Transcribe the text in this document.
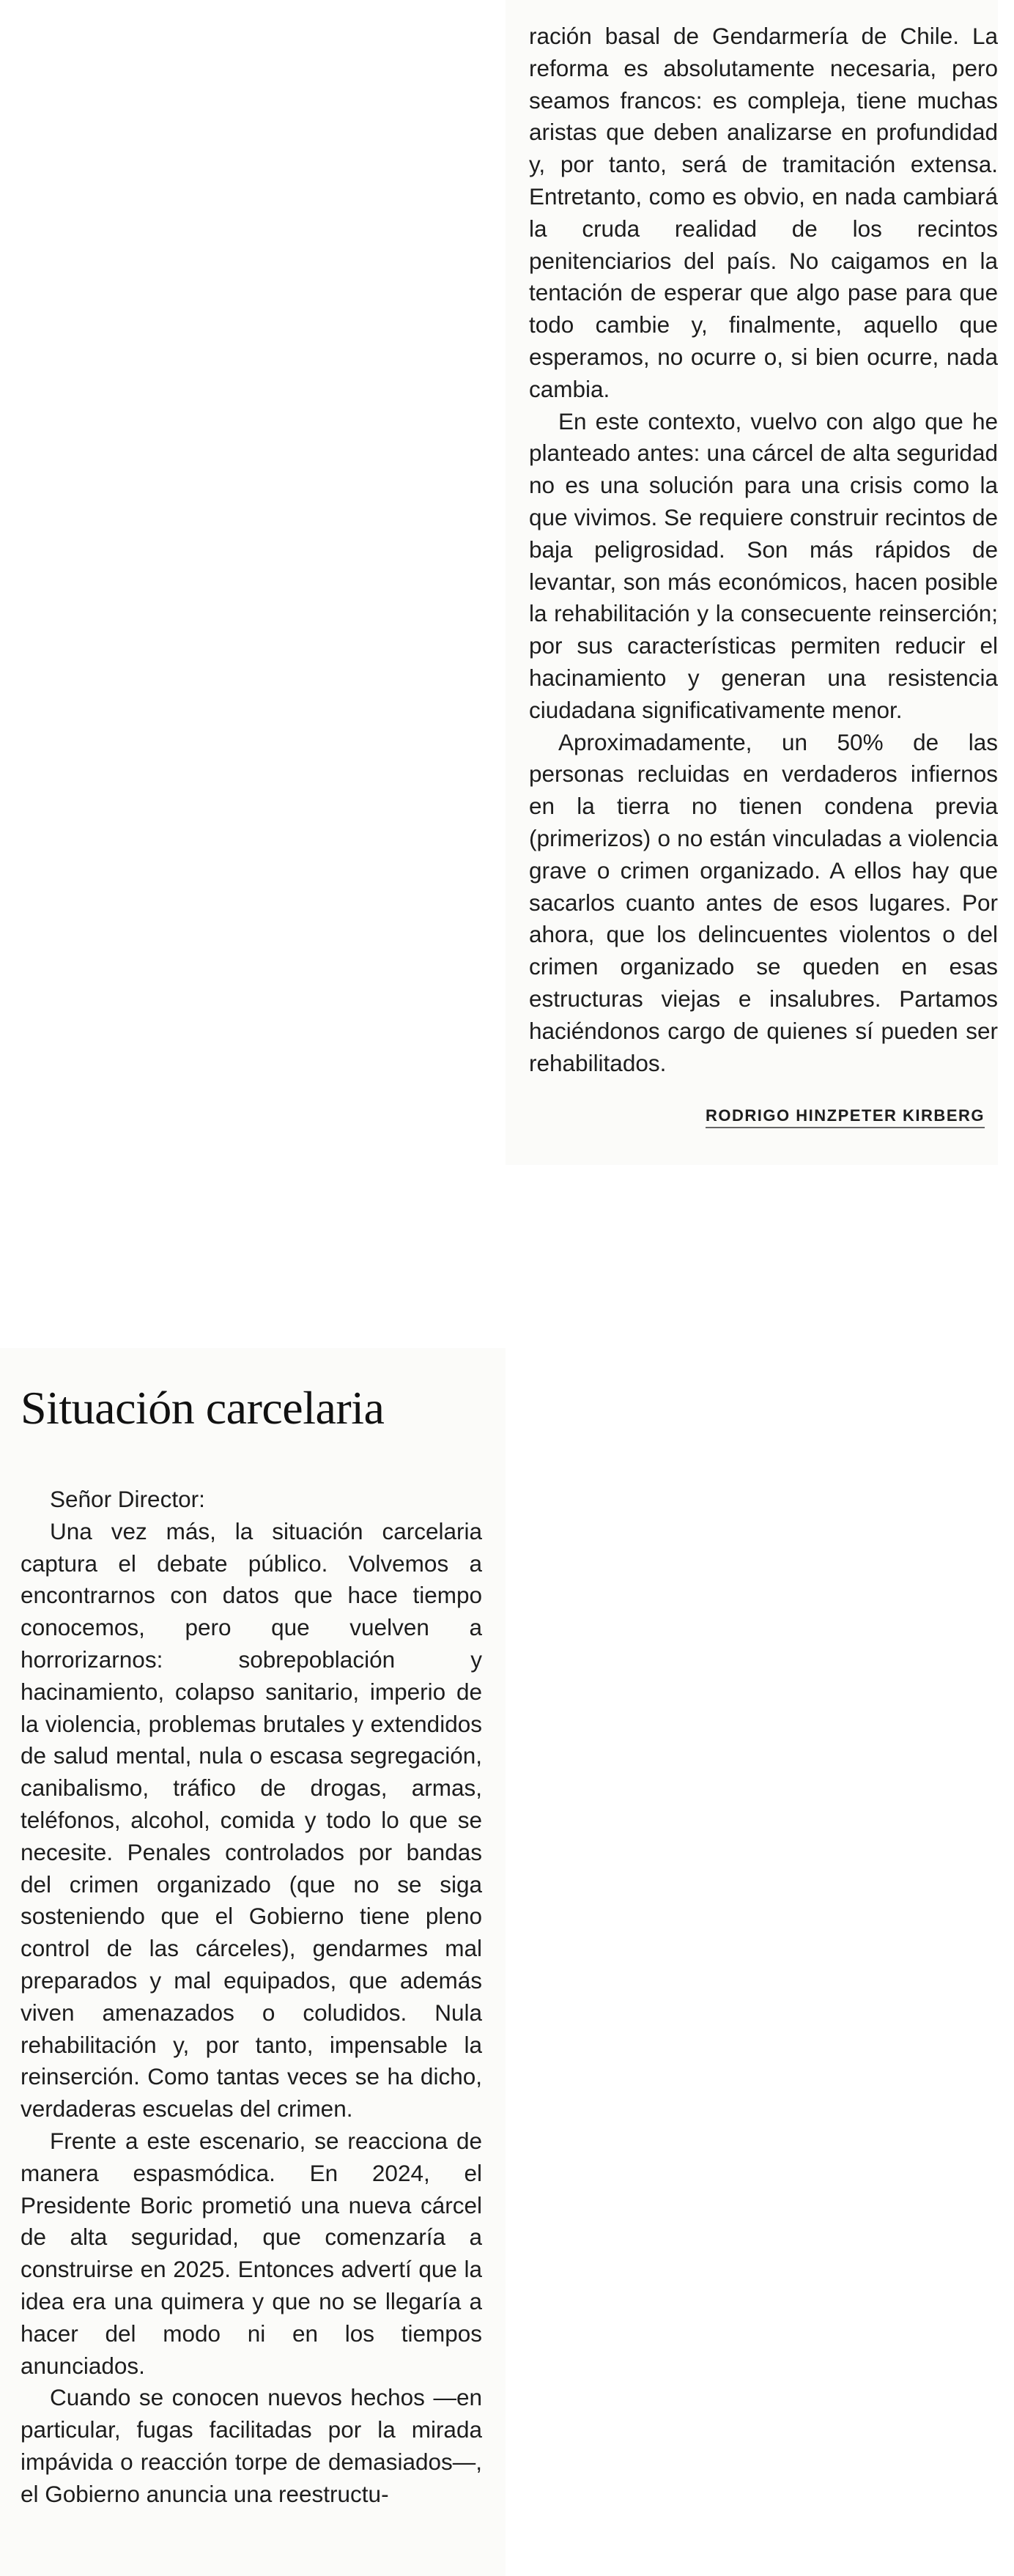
ración basal de Gendarmería de Chile. La reforma es absolutamente necesaria, pero seamos francos: es compleja, tiene muchas aristas que deben analizarse en profundidad y, por tanto, será de tramitación extensa. Entretanto, como es obvio, en nada cambiará la cruda realidad de los recintos penitenciarios del país. No caigamos en la tentación de esperar que algo pase para que todo cambie y, finalmente, aquello que esperamos, no ocurre o, si bien ocurre, nada cambia.

En este contexto, vuelvo con algo que he planteado antes: una cárcel de alta seguridad no es una solución para una crisis como la que vivimos. Se requiere construir recintos de baja peligrosidad. Son más rápidos de levantar, son más económicos, hacen posible la rehabilitación y la consecuente reinserción; por sus características permiten reducir el hacinamiento y generan una resistencia ciudadana significativamente menor.

Aproximadamente, un 50% de las personas recluidas en verdaderos infiernos en la tierra no tienen condena previa (primerizos) o no están vinculadas a violencia grave o crimen organizado. A ellos hay que sacarlos cuanto antes de esos lugares. Por ahora, que los delincuentes violentos o del crimen organizado se queden en esas estructuras viejas e insalubres. Partamos haciéndonos cargo de quienes sí pueden ser rehabilitados.

RODRIGO HINZPETER KIRBERG
Situación carcelaria

Señor Director:

Una vez más, la situación carcelaria captura el debate público. Volvemos a encontrarnos con datos que hace tiempo conocemos, pero que vuelven a horrorizarnos: sobrepoblación y hacinamiento, colapso sanitario, imperio de la violencia, problemas brutales y extendidos de salud mental, nula o escasa segregación, canibalismo, tráfico de drogas, armas, teléfonos, alcohol, comida y todo lo que se necesite. Penales controlados por bandas del crimen organizado (que no se siga sosteniendo que el Gobierno tiene pleno control de las cárceles), gendarmes mal preparados y mal equipados, que además viven amenazados o coludidos. Nula rehabilitación y, por tanto, impensable la reinserción. Como tantas veces se ha dicho, verdaderas escuelas del crimen.

Frente a este escenario, se reacciona de manera espasmódica. En 2024, el Presidente Boric prometió una nueva cárcel de alta seguridad, que comenzaría a construirse en 2025. Entonces advertí que la idea era una quimera y que no se llegaría a hacer del modo ni en los tiempos anunciados.

Cuando se conocen nuevos hechos —en particular, fugas facilitadas por la mirada impávida o reacción torpe de demasiados—, el Gobierno anuncia una reestructu-
